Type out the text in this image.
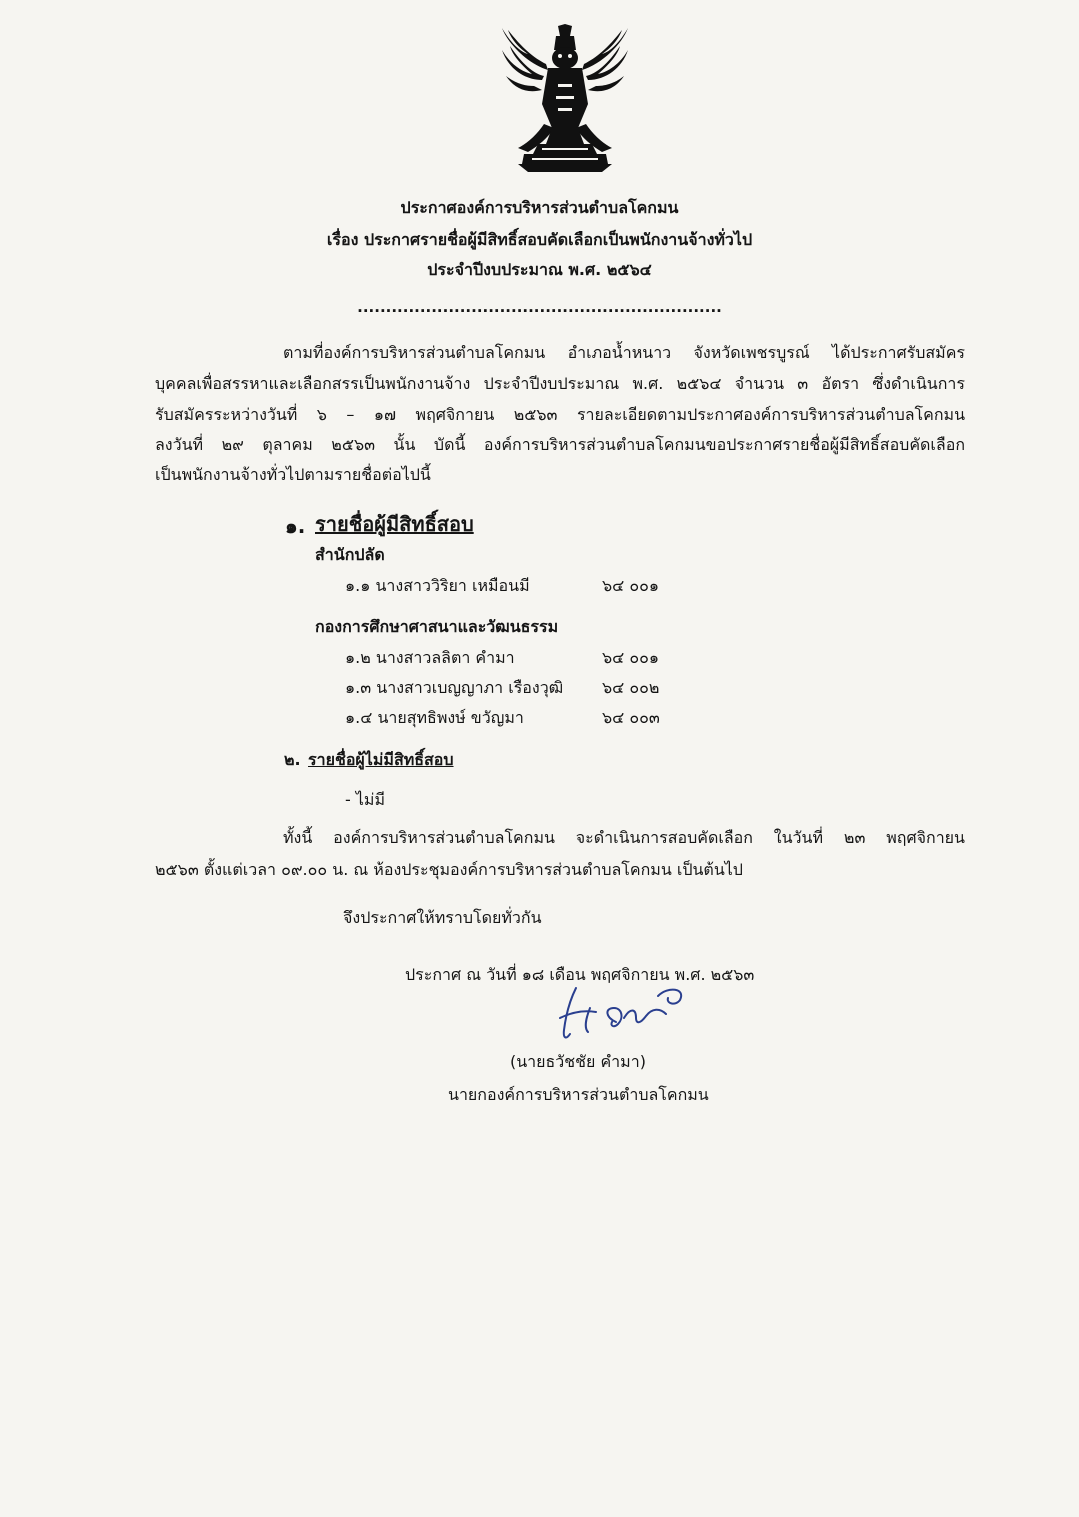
ประกาศองค์การบริหารส่วนตำบลโคกมน
เรื่อง ประกาศรายชื่อผู้มีสิทธิ์สอบคัดเลือกเป็นพนักงานจ้างทั่วไป
ประจำปีงบประมาณ พ.ศ. ๒๕๖๔
................................................................
ตามที่องค์การบริหารส่วนตำบลโคกมน อำเภอน้ำหนาว จังหวัดเพชรบูรณ์ ได้ประกาศรับสมัคร
บุคคลเพื่อสรรหาและเลือกสรรเป็นพนักงานจ้าง ประจำปีงบประมาณ พ.ศ. ๒๕๖๔ จำนวน ๓ อัตรา ซึ่งดำเนินการ
รับสมัครระหว่างวันที่ ๖ – ๑๗ พฤศจิกายน ๒๕๖๓ รายละเอียดตามประกาศองค์การบริหารส่วนตำบลโคกมน
ลงวันที่ ๒๙ ตุลาคม ๒๕๖๓ นั้น บัดนี้ องค์การบริหารส่วนตำบลโคกมนขอประกาศรายชื่อผู้มีสิทธิ์สอบคัดเลือก
เป็นพนักงานจ้างทั่วไปตามรายชื่อต่อไปนี้
๑. รายชื่อผู้มีสิทธิ์สอบ
สำนักปลัด
๑.๑ นางสาววิริยา เหมือนมี	๖๔ ๐๐๑
กองการศึกษาศาสนาและวัฒนธรรม
๑.๒ นางสาวลลิตา คำมา	๖๔ ๐๐๑
๑.๓ นางสาวเบญญาภา เรืองวุฒิ ๖๔ ๐๐๒
๑.๔ นายสุทธิพงษ์ ขวัญมา	๖๔ ๐๐๓
๒. รายชื่อผู้ไม่มีสิทธิ์สอบ
- ไม่มี
ทั้งนี้ องค์การบริหารส่วนตำบลโคกมน จะดำเนินการสอบคัดเลือก ในวันที่ ๒๓ พฤศจิกายน
๒๕๖๓ ตั้งแต่เวลา ๐๙.๐๐ น. ณ ห้องประชุมองค์การบริหารส่วนตำบลโคกมน เป็นต้นไป
จึงประกาศให้ทราบโดยทั่วกัน
ประกาศ ณ วันที่ ๑๘ เดือน พฤศจิกายน พ.ศ. ๒๕๖๓
(นายธวัชชัย คำมา)
นายกองค์การบริหารส่วนตำบลโคกมน
